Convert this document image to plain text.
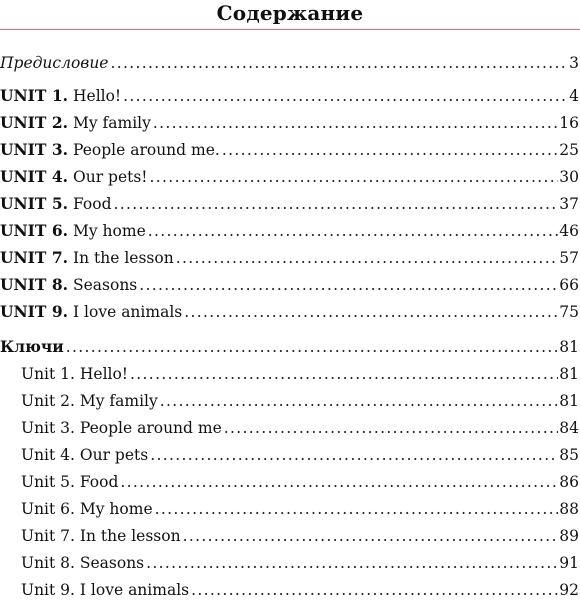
Содержание
Предисловие . . .	3
UNIT 1. Hello! . . .	4
UNIT 2. My family . . .	16
UNIT 3. People around me. . . .	25
UNIT 4. Our pets! . . .	30
UNIT 5. Food . . .	37
UNIT 6. My home . . .	46
UNIT 7. In the lesson . . .	57
UNIT 8. Seasons . . .	66
UNIT 9. I love animals . . .	75
Ключи . . .	81
Unit 1. Hello! . . .	81
Unit 2. My family . . .	81
Unit 3. People around me . . .	84
Unit 4. Our pets . . .	85
Unit 5. Food . . .	86
Unit 6. My home . . .	88
Unit 7. In the lesson . . .	89
Unit 8. Seasons . . .	91
Unit 9. I love animals . . .	92
